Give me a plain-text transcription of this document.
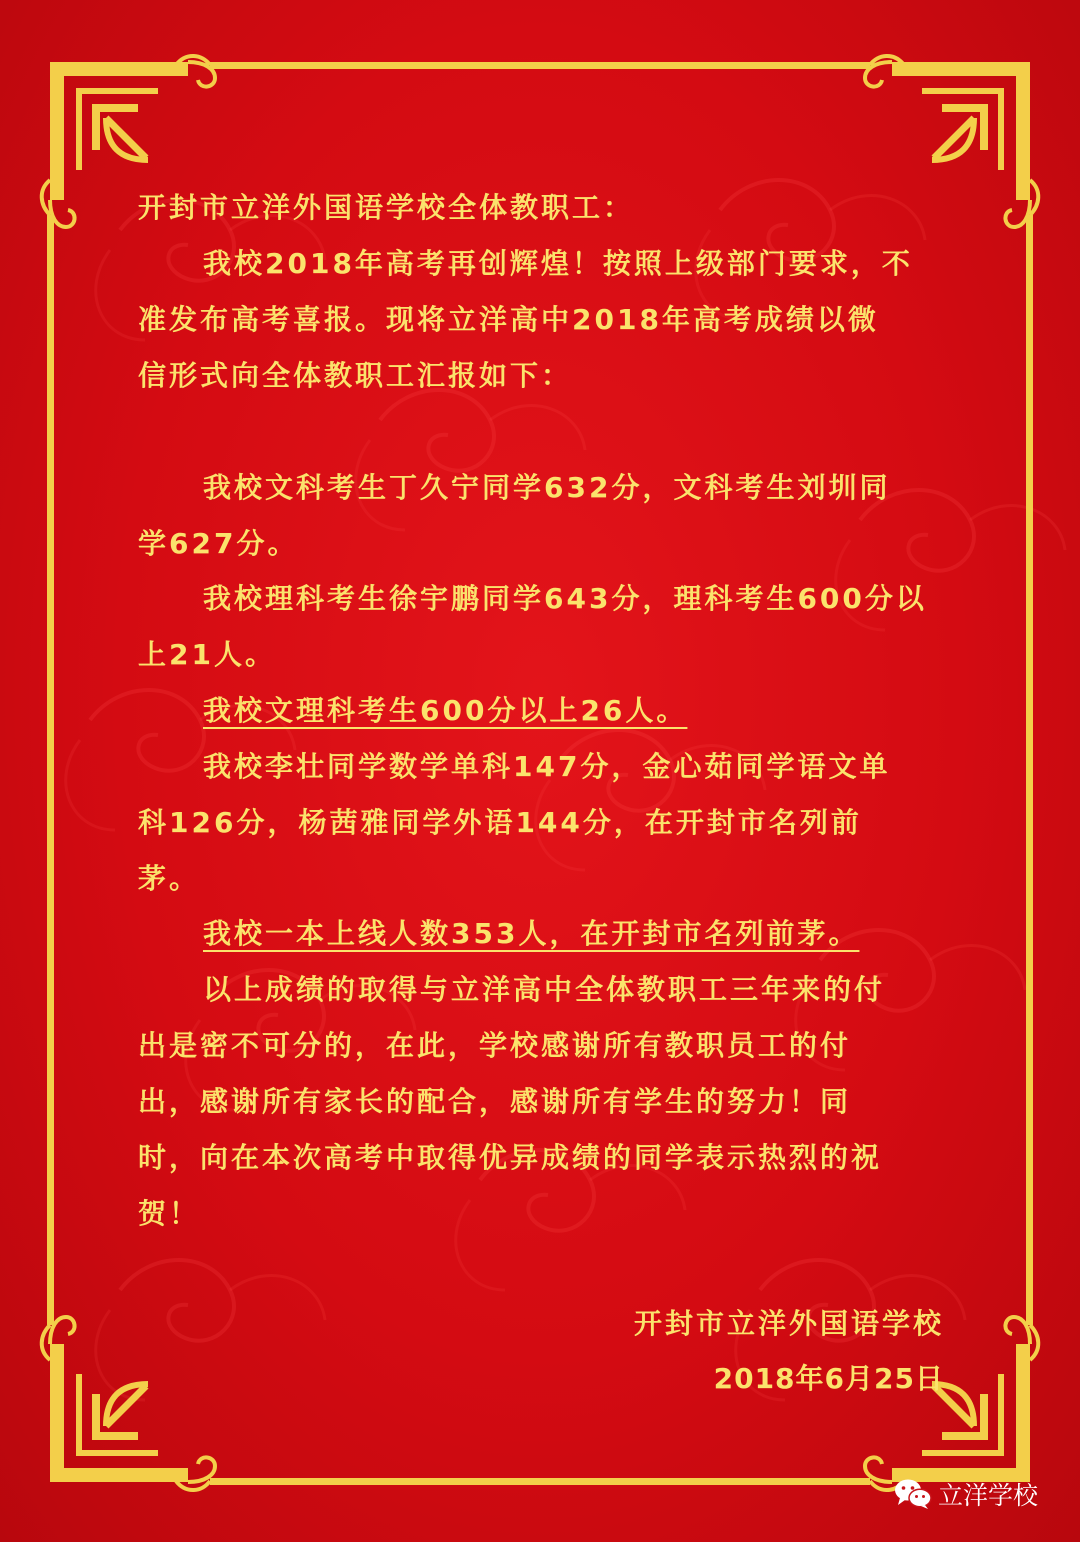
开封市立洋外国语学校全体教职工：
我校2018年高考再创辉煌！按照上级部门要求，不
准发布高考喜报。现将立洋高中2018年高考成绩以微
信形式向全体教职工汇报如下：
我校文科考生丁久宁同学632分，文科考生刘圳同
学627分。
我校理科考生徐宇鹏同学643分，理科考生600分以
上21人。
我校文理科考生600分以上26人。
我校李壮同学数学单科147分，金心茹同学语文单
科126分，杨茜雅同学外语144分，在开封市名列前
茅。
我校一本上线人数353人，在开封市名列前茅。
以上成绩的取得与立洋高中全体教职工三年来的付
出是密不可分的，在此，学校感谢所有教职员工的付
出，感谢所有家长的配合，感谢所有学生的努力！同
时，向在本次高考中取得优异成绩的同学表示热烈的祝
贺！
开封市立洋外国语学校
2018年6月25日
立洋学校
